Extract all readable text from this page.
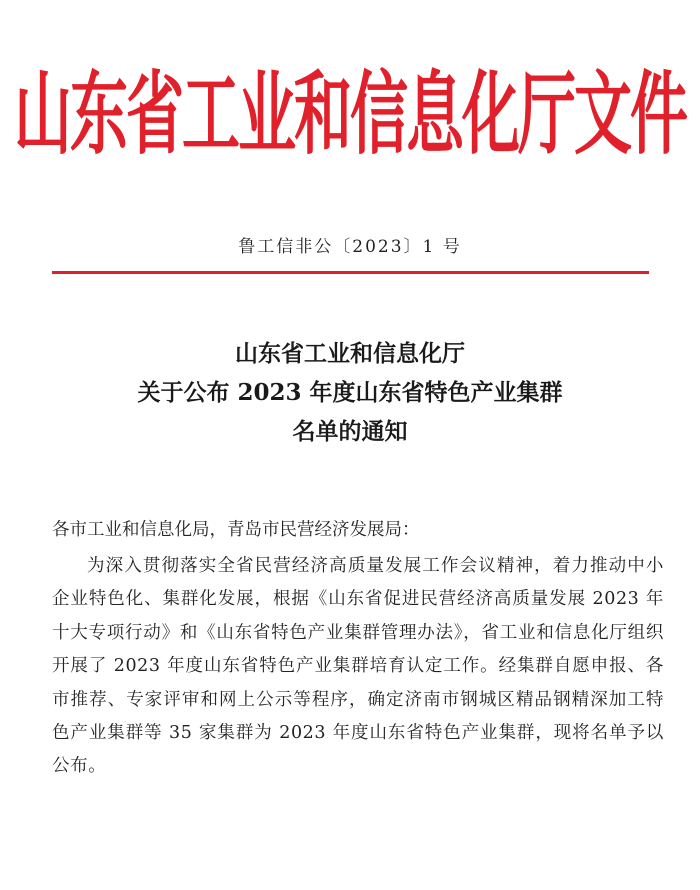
山东省工业和信息化厅文件
鲁工信非公〔2023〕1 号
山东省工业和信息化厅
关于公布 2023 年度山东省特色产业集群
名单的通知
各市工业和信息化局，青岛市民营经济发展局：
为深入贯彻落实全省民营经济高质量发展工作会议精神，着力推动中小企业特色化、集群化发展，根据《山东省促进民营经济高质量发展 2023 年十大专项行动》和《山东省特色产业集群管理办法》，省工业和信息化厅组织开展了 2023 年度山东省特色产业集群培育认定工作。经集群自愿申报、各市推荐、专家评审和网上公示等程序，确定济南市钢城区精品钢精深加工特色产业集群等 35 家集群为 2023 年度山东省特色产业集群，现将名单予以公布。
